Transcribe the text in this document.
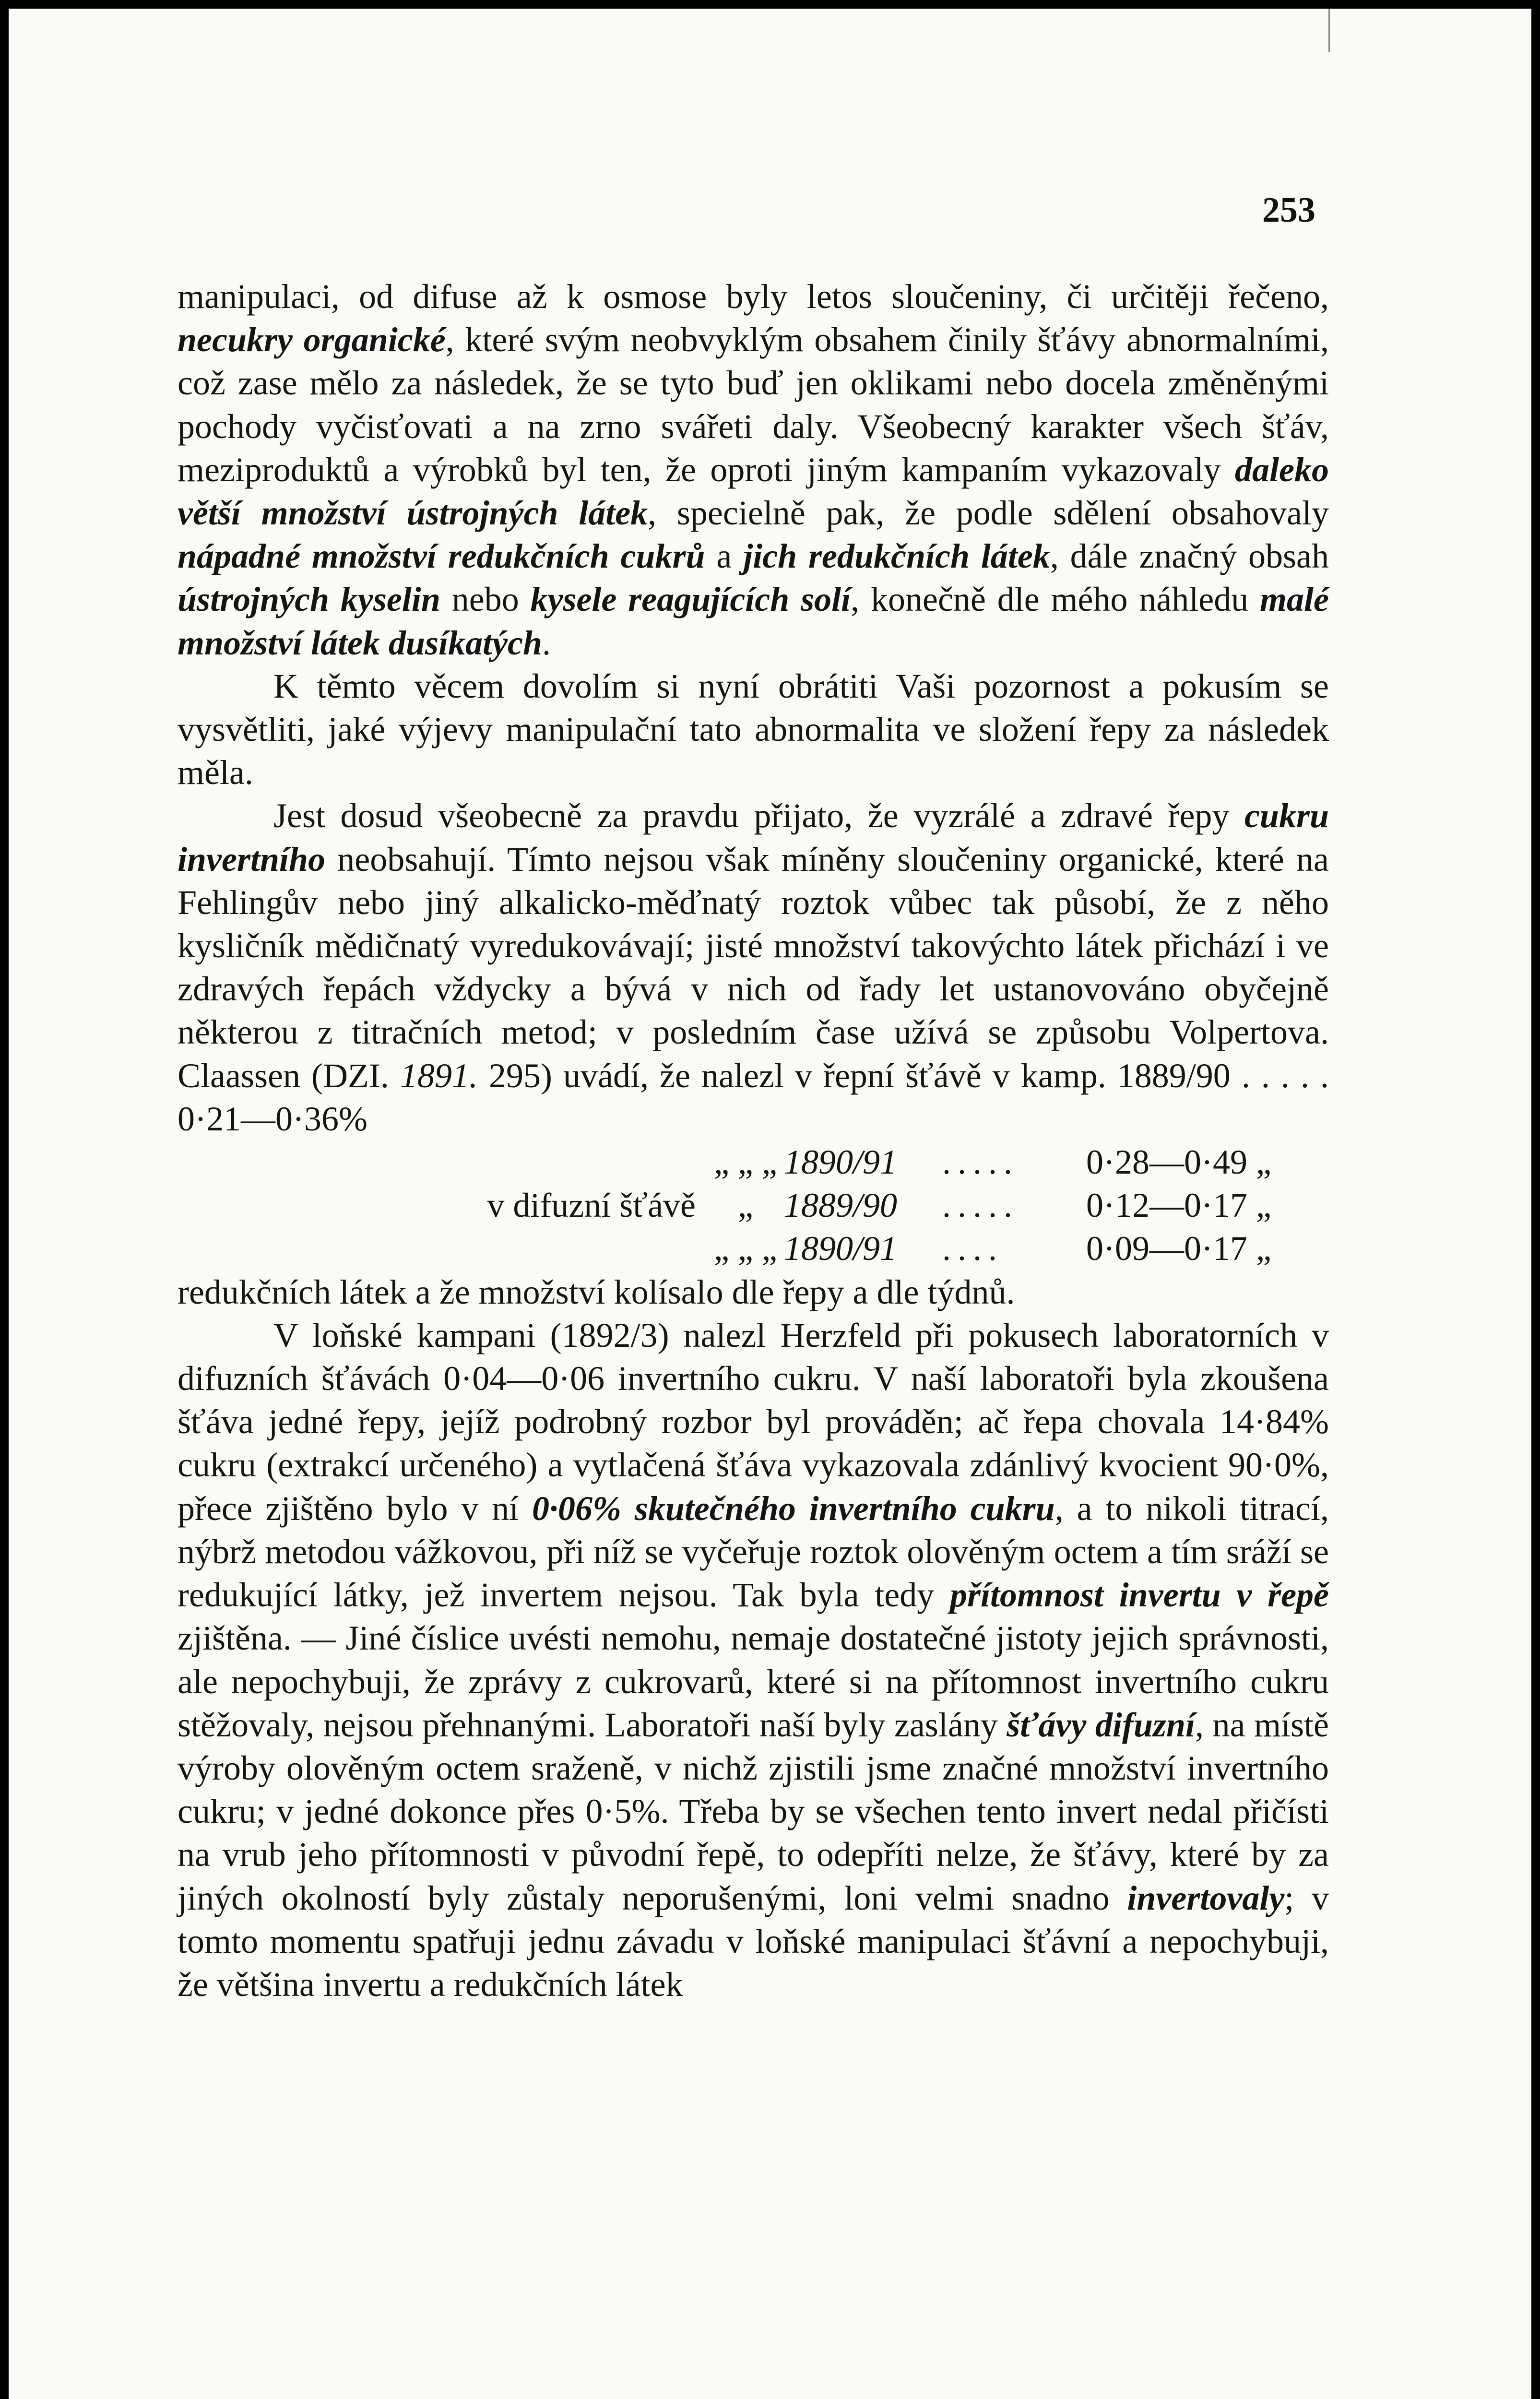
253

manipulaci, od difuse až k osmose byly letos sloučeniny, či určitěji řečeno, necukry organické, které svým neobvyklým obsahem činily šťávy abnormalními, což zase mělo za následek, že se tyto buď jen oklikami nebo docela změněnými pochody vyčisťovati a na zrno svářeti daly. Všeobecný karakter všech šťáv, meziproduktů a výrobků byl ten, že oproti jiným kampaním vykazovaly daleko větší množství ústrojných látek, specielně pak, že podle sdělení obsahovaly nápadné množství redukčních cukrů a jich redukčních látek, dále značný obsah ústrojných kyselin nebo kysele reagujících solí, konečně dle mého náhledu malé množství látek dusíkatých.

K těmto věcem dovolím si nyní obrátiti Vaši pozornost a pokusím se vysvětliti, jaké výjevy manipulační tato abnormalita ve složení řepy za následek měla.

Jest dosud všeobecně za pravdu přijato, že vyzrálé a zdravé řepy cukru invertního neobsahují. Tímto nejsou však míněny sloučeniny organické, které na Fehlingův nebo jiný alkalicko-měďnatý roztok vůbec tak působí, že z něho kysličník mědičnatý vyredukovávají; jisté množství takovýchto látek přichází i ve zdravých řepách vždycky a bývá v nich od řady let ustanovováno obyčejně některou z titračních metod; v posledním čase užívá se způsobu Volpertova. Claassen (DZI. 1891. 295) uvádí, že nalezl v řepní šťávě v kamp. 1889/90 . . . . . 0·21—0·36%

	„ „ „	1890/91	.....	0·28—0·49 „
v difuzní šťávě	„	1889/90	.....	0·12—0·17 „
	„ „ „	1890/91	....	0·09—0·17 „

redukčních látek a že množství kolísalo dle řepy a dle týdnů.

V loňské kampani (1892/3) nalezl Herzfeld při pokusech laboratorních v difuzních šťávách 0·04—0·06 invertního cukru. V naší laboratoři byla zkoušena šťáva jedné řepy, jejíž podrobný rozbor byl prováděn; ač řepa chovala 14·84% cukru (extrakcí určeného) a vytlačená šťáva vykazovala zdánlivý kvocient 90·0%, přece zjištěno bylo v ní 0·06% skutečného invertního cukru, a to nikoli titrací, nýbrž metodou vážkovou, při níž se vyčeřuje roztok olověným octem a tím sráží se redukující látky, jež invertem nejsou. Tak byla tedy přítomnost invertu v řepě zjištěna. — Jiné číslice uvésti nemohu, nemaje dostatečné jistoty jejich správnosti, ale nepochybuji, že zprávy z cukrovarů, které si na přítomnost invertního cukru stěžovaly, nejsou přehnanými. Laboratoři naší byly zaslány šťávy difuzní, na místě výroby olověným octem sraženě, v nichž zjistili jsme značné množství invertního cukru; v jedné dokonce přes 0·5%. Třeba by se všechen tento invert nedal přičísti na vrub jeho přítomnosti v původní řepě, to odepříti nelze, že šťávy, které by za jiných okolností byly zůstaly neporušenými, loni velmi snadno invertovaly; v tomto momentu spatřuji jednu závadu v loňské manipulaci šťávní a nepochybuji, že většina invertu a redukčních látek
